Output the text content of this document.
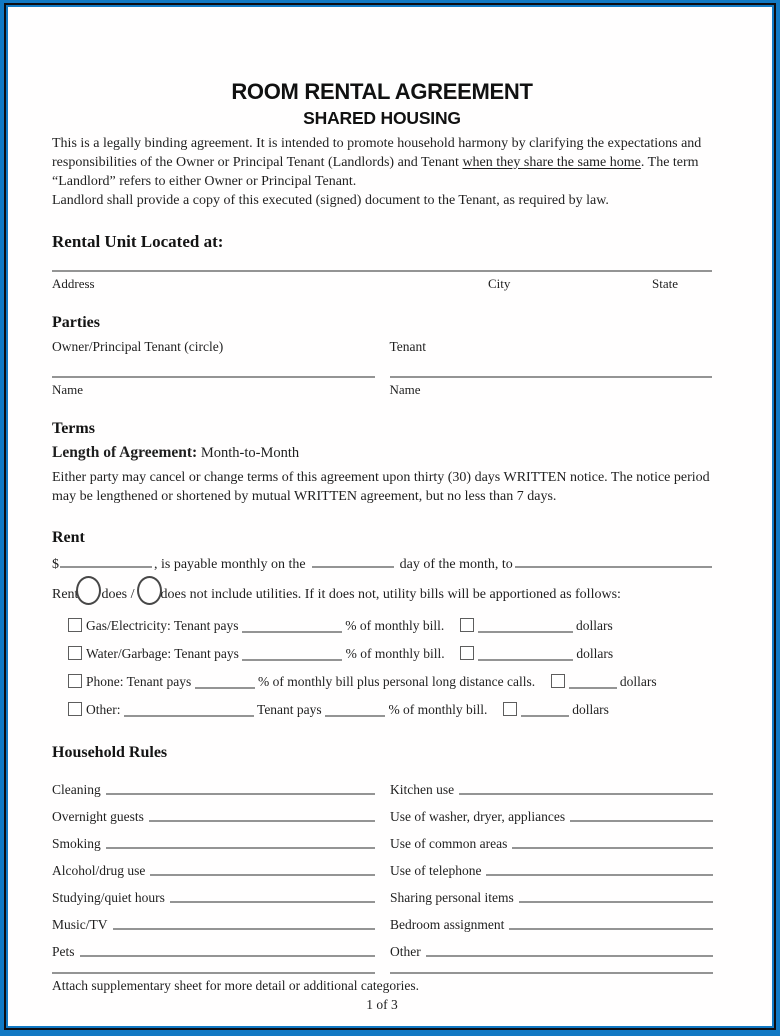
ROOM RENTAL AGREEMENT
SHARED HOUSING

This is a legally binding agreement. It is intended to promote household harmony by clarifying the expectations and responsibilities of the Owner or Principal Tenant (Landlords) and Tenant when they share the same home. The term “Landlord” refers to either Owner or Principal Tenant.
Landlord shall provide a copy of this executed (signed) document to the Tenant, as required by law.

Rental Unit Located at:
Address	City	State
Parties
Owner/Principal Tenant (circle)	Tenant
Name	Name
Terms
Length of Agreement: Month-to-Month

Either party may cancel or change terms of this agreement upon thirty (30) days WRITTEN notice. The notice period may be lengthened or shortened by mutual WRITTEN agreement, but no less than 7 days.

Rent
$	, is payable monthly on the	day of the month, to
Rent does / does not include utilities. If it does not, utility bills will be apportioned as follows:
Gas/Electricity: Tenant pays	% of monthly bill.	dollars
Water/Garbage: Tenant pays	% of monthly bill.	dollars
Phone: Tenant pays	% of monthly bill plus personal long distance calls.	dollars
Other:	Tenant pays	% of monthly bill.	dollars
Household Rules
Cleaning	Kitchen use
Overnight guests	Use of washer, dryer, appliances
Smoking	Use of common areas
Alcohol/drug use	Use of telephone
Studying/quiet hours	Sharing personal items
Music/TV	Bedroom assignment
Pets	Other
Attach supplementary sheet for more detail or additional categories.
1 of 3
